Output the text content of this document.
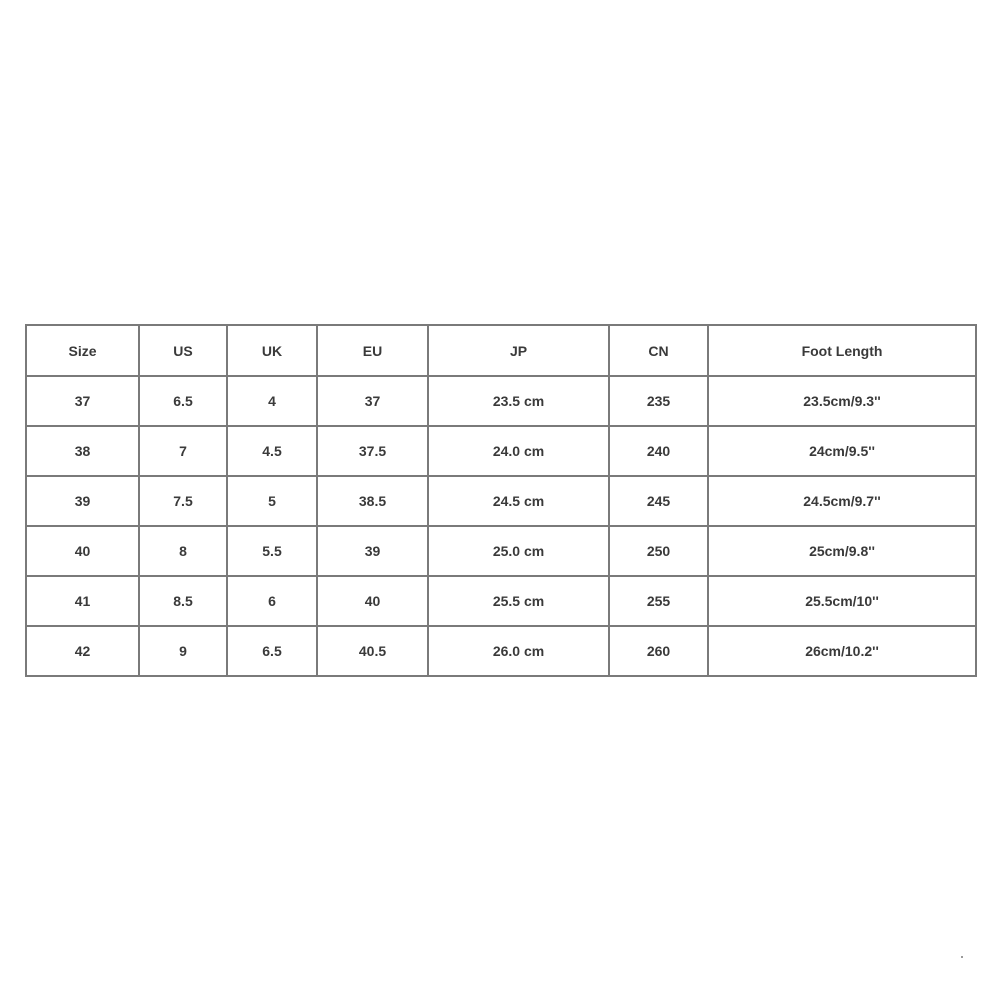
Size	US	UK	EU	JP	CN	Foot Length
37	6.5	4	37	23.5 cm	235	23.5cm/9.3''
38	7	4.5	37.5	24.0 cm	240	24cm/9.5''
39	7.5	5	38.5	24.5 cm	245	24.5cm/9.7''
40	8	5.5	39	25.0 cm	250	25cm/9.8''
41	8.5	6	40	25.5 cm	255	25.5cm/10''
42	9	6.5	40.5	26.0 cm	260	26cm/10.2''
